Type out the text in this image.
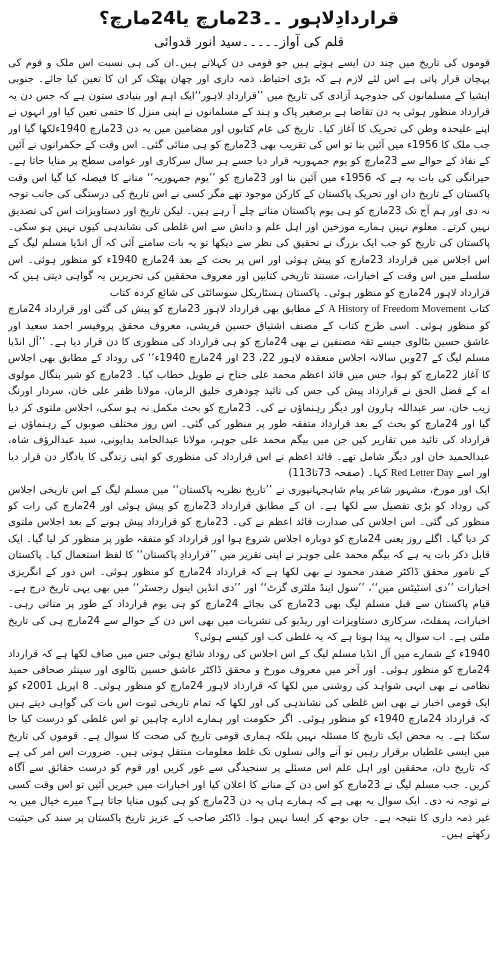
قراردادِلاہور ۔۔23مارچ یا24مارچ؟
قلم کی آواز۔۔۔۔۔سید انور قدوائی

قوموں کی تاریخ میں چند دن ایسے ہوتے ہیں جو قومی دن کہلاتے ہیں۔ان کی ہی نسبت اس ملک و قوم کی پہچان قرار پاتی ہے اس لئے لازم ہے کہ بڑی احتیاط، ذمہ داری اور چھان پھٹک کر ان کا تعین کیا جائے۔ جنوبی ایشیا کے مسلمانوں کی جدوجہد آزادی کی تاریخ میں ’’قراردادِ لاہور‘‘ایک اہم اور بنیادی ستون ہے کہ جس دن یہ قرارداد منظور ہوئی یہ دن تقاضا ہے برصغیر پاک و ہند کے مسلمانوں نے اپنی منزل کا حتمی تعین کیا اور انہوں نے اپنے علیحدہ وطن کی تحریک کا آغاز کیا۔ تاریخ کی عام کتابوں اور مضامین میں یہ دن 23مارچ 1940ءلکھا گیا اور جب ملک کا 1956ء میں آئین بنا تو اس کی تقریب بھی 23مارچ کو ہی منائی گئی۔ اس وقت کے حکمرانوں نے آئین کے نفاذ کے حوالے سے 23مارچ کو یوم جمہوریہ قرار دیا جسے ہر سال سرکاری اور عوامی سطح پر منایا جاتا ہے۔ حیرانگی کی بات یہ ہے کہ 1956ء میں آئین بنا اور 23مارچ کو ’’یوم جمہوریہ‘‘ منانے کا فیصلہ کیا گیا اس وقت پاکستان کے تاریخ دان اور تحریک پاکستان کے کارکن موجود تھے مگر کسی نے اس تاریخ کی درستگی کی جانب توجہ نہ دی اور ہم آج تک 23مارچ کو ہی یوم پاکستان مناتے چلے آ رہے ہیں۔ لیکن تاریخ اور دستاویزات اس کی تصدیق نہیں کرتے۔ معلوم نہیں ہمارے مورخین اور اہل علم و دانش سے اس غلطی کی نشاندہی کیوں نہیں ہو سکی۔ پاکستان کی تاریخ کو جب ایک بزرگ نے تحقیق کی نظر سے دیکھا تو یہ بات سامنے آئی کہ آل انڈیا مسلم لیگ کے اس اجلاس میں قرارداد 23مارچ کو پیش ہوئی اور اس پر بحث کے بعد 24مارچ 1940ء کو منظور ہوئی۔ اس سلسلے میں اس وقت کے اخبارات، مستند تاریخی کتابیں اور معروف محققین کی تحریریں یہ گواہی دیتی ہیں کہ قرارداد لاہور 24مارچ کو منظور ہوئی۔ پاکستان ہسٹاریکل سوسائٹی کی شائع کردہ کتاب

کتاب A History of Freedom Movement کے مطابق بھی قرارداد لاہور 23مارچ کو پیش کی گئی اور قرارداد 24مارچ کو منظور ہوئی۔ اسی طرح کتاب کے مصنف اشتیاق حسین قریشی، معروف محقق پروفیسر احمد سعید اور عاشق حسین بٹالوی جیسے ثقہ مصنفین نے بھی 24مارچ کو ہی قرارداد کی منظوری کا دن قرار دیا ہے۔ ’’آل انڈیا مسلم لیگ کے 27ویں سالانہ اجلاس منعقدہ لاہور 22، 23 اور 24مارچ 1940ء‘‘ کی روداد کے مطابق بھی اجلاس کا آغاز 22مارچ کو ہوا، جس میں قائد اعظم محمد علی جناح نے طویل خطاب کیا۔ 23مارچ کو شیر بنگال مولوی اے کے فضل الحق نے قرارداد پیش کی جس کی تائید چودھری خلیق الزمان، مولانا ظفر علی خان، سردار اورنگ زیب خان، سر عبداللہ ہارون اور دیگر رہنماؤں نے کی۔ 23مارچ کو بحث مکمل نہ ہو سکی، اجلاس ملتوی کر دیا گیا اور 24مارچ کو بحث کے بعد قرارداد متفقہ طور پر منظور کی گئی۔ اس روز مختلف صوبوں کے رہنماؤں نے قرارداد کی تائید میں تقاریر کیں جن میں بیگم محمد علی جوہر، مولانا عبدالحامد بدایونی، سید عبدالرؤف شاہ، عبدالحمید خان اور دیگر شامل تھے۔ قائد اعظم نے اس قرارداد کی منظوری کو اپنی زندگی کا یادگار دن قرار دیا اور اسے Red Letter Day کہا۔ (صفحہ 73تا113)

ایک اور مورخ، مشہور شاعر پیام شاہجہانپوری نے ’’تاریخ نظریہ پاکستان‘‘ میں مسلم لیگ کے اس تاریخی اجلاس کی روداد کو بڑی تفصیل سے لکھا ہے۔ ان کے مطابق قرارداد 23مارچ کو پیش ہوئی اور 24مارچ کی رات کو منظور کی گئی۔ اس اجلاس کی صدارت قائد اعظم نے کی۔ 23مارچ کو قرارداد پیش ہونے کے بعد اجلاس ملتوی کر دیا گیا۔ اگلے روز یعنی 24مارچ کو دوبارہ اجلاس شروع ہوا اور قرارداد کو متفقہ طور پر منظور کر لیا گیا۔ ایک قابل ذکر بات یہ ہے کہ بیگم محمد علی جوہر نے اپنی تقریر میں ’’قراردادِ پاکستان‘‘ کا لفظ استعمال کیا۔ پاکستان کے نامور محقق ڈاکٹر صفدر محمود نے بھی لکھا ہے کہ قرارداد 24مارچ کو منظور ہوئی۔ اس دور کے انگریزی اخبارات ’’دی اسٹیٹس مین‘‘، ’’سول اینڈ ملٹری گزٹ‘‘ اور ’’دی انڈین اینول رجسٹر‘‘ میں بھی یہی تاریخ درج ہے۔ قیام پاکستان سے قبل مسلم لیگ بھی 23مارچ کی بجائے 24مارچ کو ہی یوم قرارداد کے طور پر مناتی رہی۔ اخبارات، پمفلٹ، سرکاری دستاویزات اور ریڈیو کی نشریات میں بھی اس دن کے حوالے سے 24مارچ ہی کی تاریخ ملتی ہے۔ اب سوال یہ پیدا ہوتا ہے کہ یہ غلطی کب اور کیسے ہوئی؟

1940ء کے شمارے میں آل انڈیا مسلم لیگ کے اس اجلاس کی روداد شائع ہوئی جس میں صاف لکھا ہے کہ قرارداد 24مارچ کو منظور ہوئی۔ اور آخر میں معروف مورخ و محقق ڈاکٹر عاشق حسین بٹالوی اور سینئر صحافی حمید نظامی نے بھی انہی شواہد کی روشنی میں لکھا کہ قرارداد لاہور 24مارچ کو منظور ہوئی۔ 8 اپریل 2001ء کو ایک قومی اخبار نے بھی اس غلطی کی نشاندہی کی اور لکھا کہ تمام تاریخی ثبوت اس بات کی گواہی دیتے ہیں کہ قرارداد 24مارچ 1940ء کو منظور ہوئی۔ اگر حکومت اور ہمارے ادارے چاہیں تو اس غلطی کو درست کیا جا سکتا ہے۔ یہ محض ایک تاریخ کا مسئلہ نہیں بلکہ ہماری قومی تاریخ کی صحت کا سوال ہے۔ قوموں کی تاریخ میں ایسی غلطیاں برقرار رہیں تو آنے والی نسلوں تک غلط معلومات منتقل ہوتی ہیں۔ ضرورت اس امر کی ہے کہ تاریخ دان، محققین اور اہل علم اس مسئلے پر سنجیدگی سے غور کریں اور قوم کو درست حقائق سے آگاہ کریں۔ جب مسلم لیگ نے 23مارچ کو اس دن کے منانے کا اعلان کیا اور اخبارات میں خبریں آئیں تو اس وقت کسی نے توجہ نہ دی۔ ایک سوال یہ بھی ہے کہ ہمارے ہاں یہ دن 23مارچ کو ہی کیوں منایا جاتا ہے؟ میرے خیال میں یہ غیر ذمہ داری کا نتیجہ ہے۔ جان بوجھ کر ایسا نہیں ہوا۔ ڈاکٹر صاحب کے عزیز تاریخ پاکستان پر سند کی حیثیت رکھتے ہیں۔
